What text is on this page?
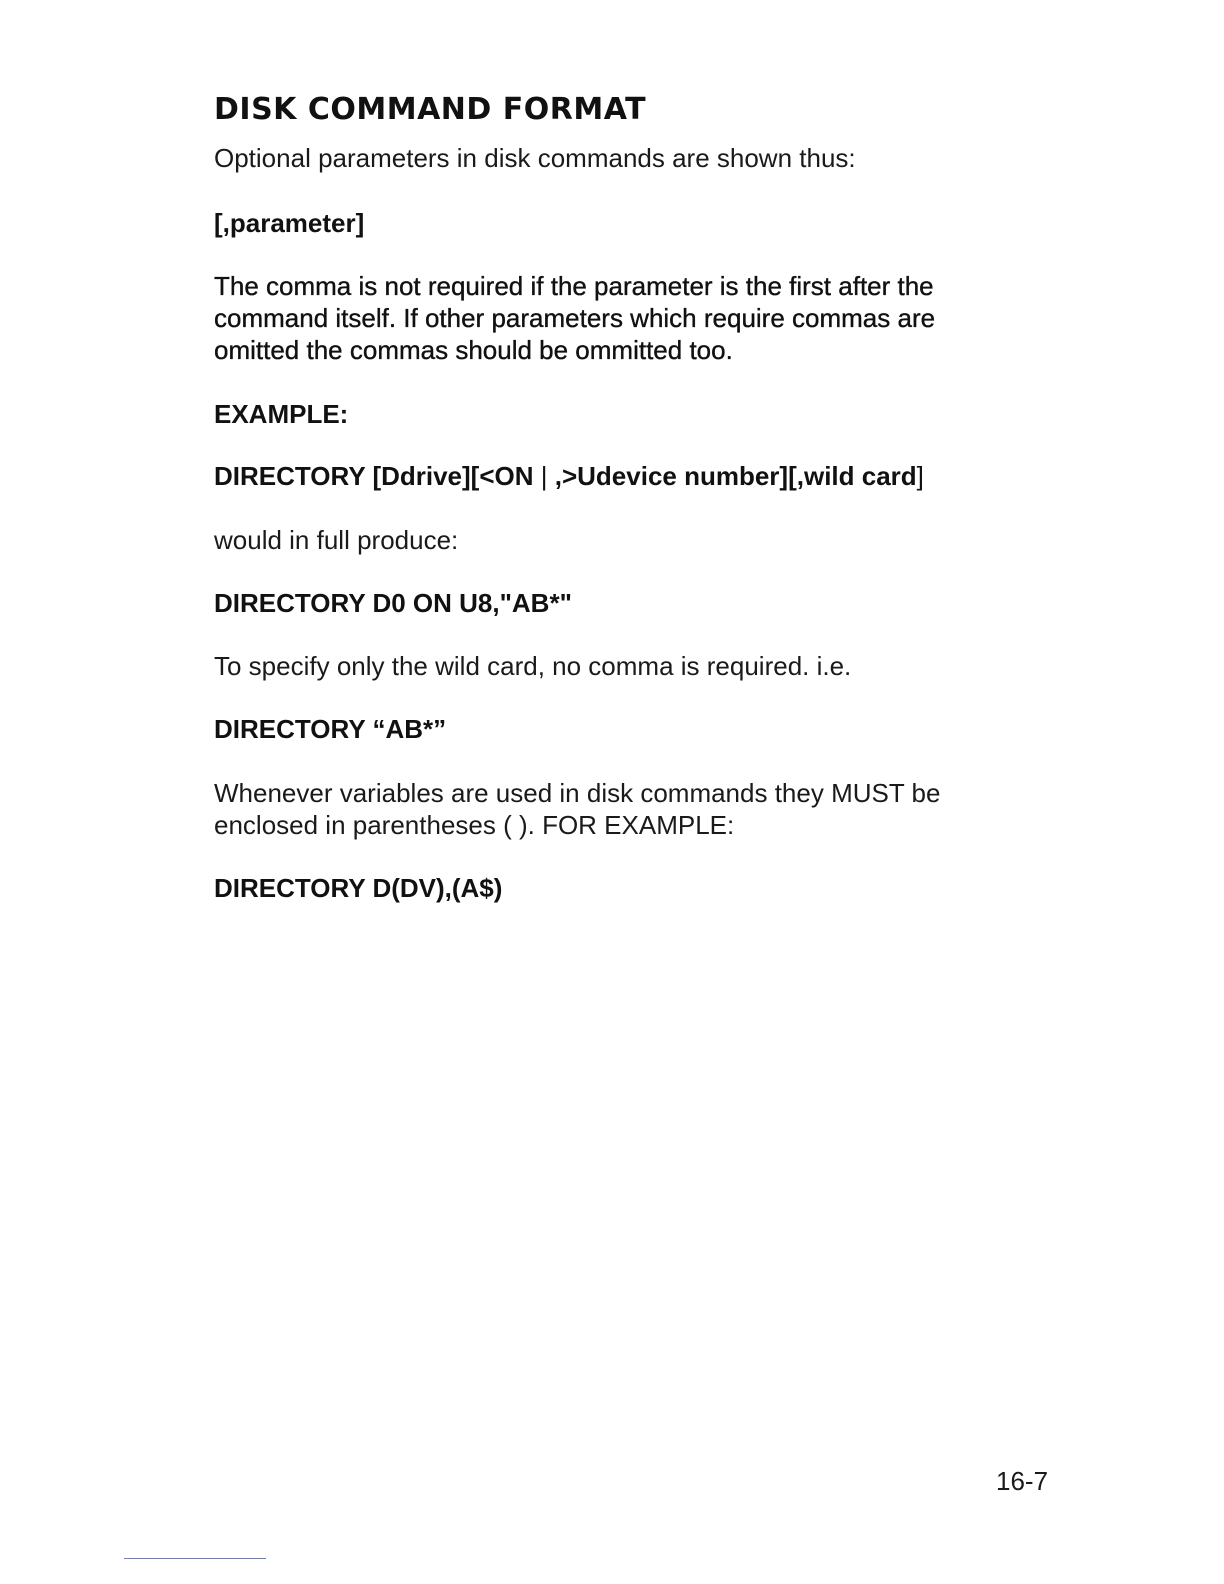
DISK COMMAND FORMAT

Optional parameters in disk commands are shown thus:

[,parameter]

The comma is not required if the parameter is the first after the
command itself. If other parameters which require commas are
omitted the commas should be ommitted too.

EXAMPLE:

DIRECTORY [Ddrive][<ON | ,>Udevice number][,wild card]

would in full produce:

DIRECTORY D0 ON U8,"AB*"

To specify only the wild card, no comma is required. i.e.

DIRECTORY “AB*”

Whenever variables are used in disk commands they MUST be
enclosed in parentheses ( ). FOR EXAMPLE:

DIRECTORY D(DV),(A$)

16-7
